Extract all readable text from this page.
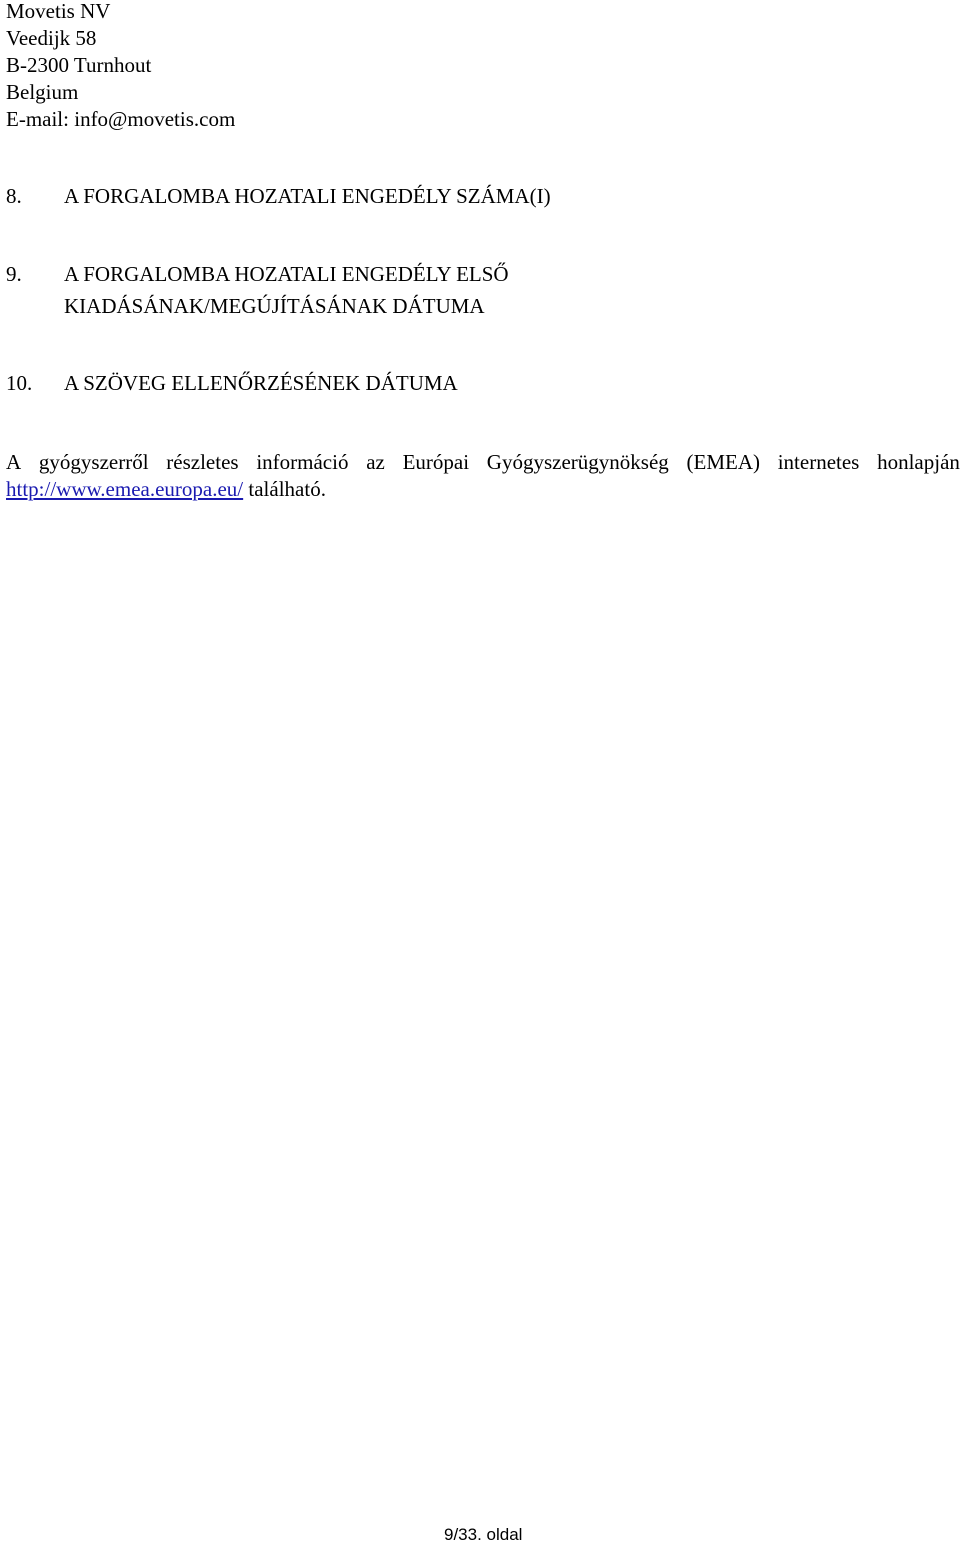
Movetis NV
Veedijk 58
B-2300 Turnhout
Belgium
E-mail: info@movetis.com
8. A FORGALOMBA HOZATALI ENGEDÉLY SZÁMA(I)
9. A FORGALOMBA HOZATALI ENGEDÉLY ELSŐ
KIADÁSÁNAK/MEGÚJÍTÁSÁNAK DÁTUMA
10. A SZÖVEG ELLENŐRZÉSÉNEK DÁTUMA
A gyógyszerről részletes információ az Európai Gyógyszerügynökség (EMEA) internetes honlapján
http://www.emea.europa.eu/ található.
9/33. oldal
